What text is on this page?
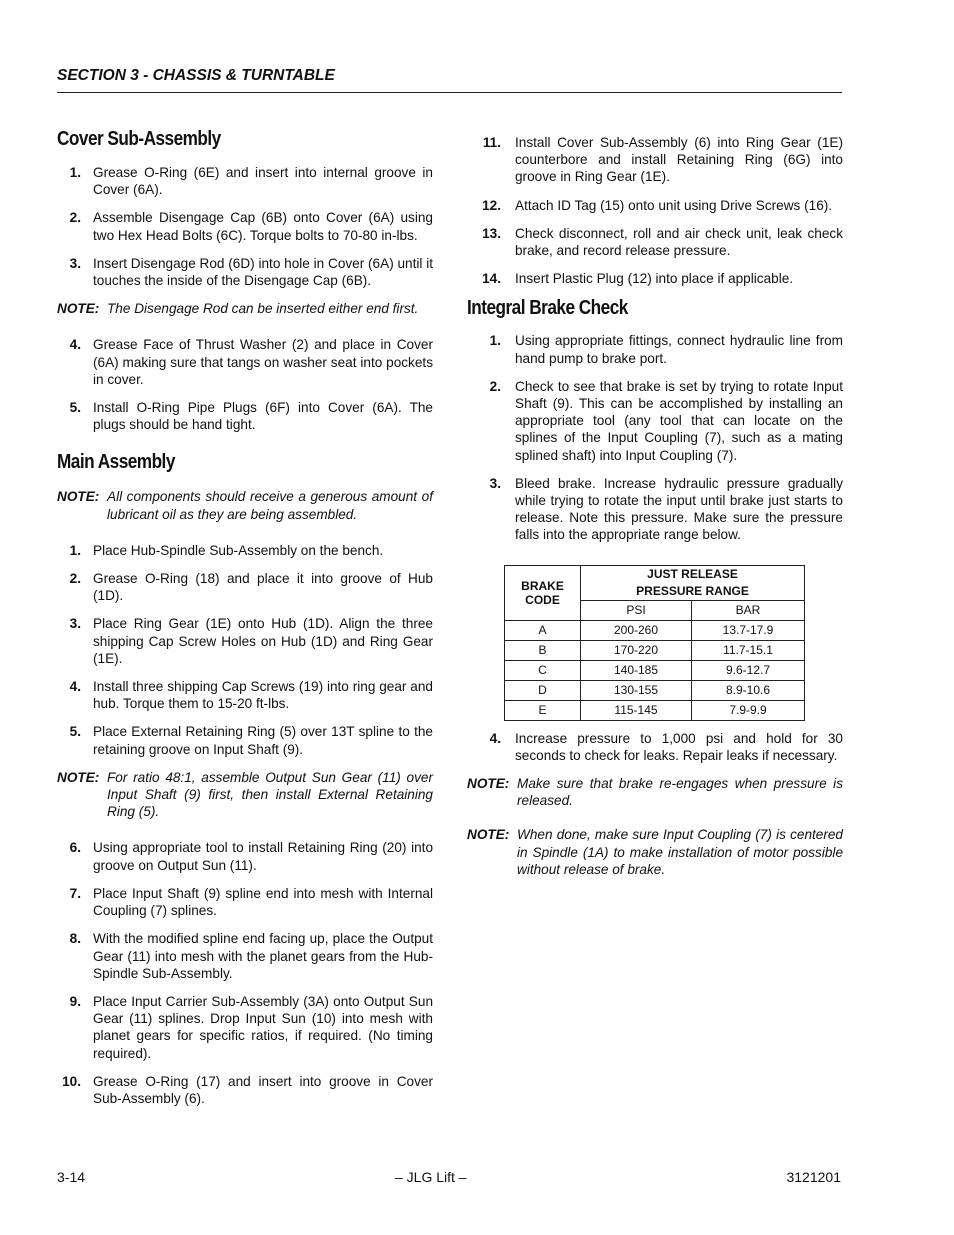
SECTION 3 - CHASSIS & TURNTABLE
Cover Sub-Assembly
1. Grease O-Ring (6E) and insert into internal groove in Cover (6A).
2. Assemble Disengage Cap (6B) onto Cover (6A) using two Hex Head Bolts (6C). Torque bolts to 70-80 in-lbs.
3. Insert Disengage Rod (6D) into hole in Cover (6A) until it touches the inside of the Disengage Cap (6B).
NOTE: The Disengage Rod can be inserted either end first.
4. Grease Face of Thrust Washer (2) and place in Cover (6A) making sure that tangs on washer seat into pockets in cover.
5. Install O-Ring Pipe Plugs (6F) into Cover (6A). The plugs should be hand tight.
Main Assembly
NOTE: All components should receive a generous amount of lubricant oil as they are being assembled.
1. Place Hub-Spindle Sub-Assembly on the bench.
2. Grease O-Ring (18) and place it into groove of Hub (1D).
3. Place Ring Gear (1E) onto Hub (1D). Align the three shipping Cap Screw Holes on Hub (1D) and Ring Gear (1E).
4. Install three shipping Cap Screws (19) into ring gear and hub. Torque them to 15-20 ft-lbs.
5. Place External Retaining Ring (5) over 13T spline to the retaining groove on Input Shaft (9).
NOTE: For ratio 48:1, assemble Output Sun Gear (11) over Input Shaft (9) first, then install External Retaining Ring (5).
6. Using appropriate tool to install Retaining Ring (20) into groove on Output Sun (11).
7. Place Input Shaft (9) spline end into mesh with Internal Coupling (7) splines.
8. With the modified spline end facing up, place the Output Gear (11) into mesh with the planet gears from the Hub-Spindle Sub-Assembly.
9. Place Input Carrier Sub-Assembly (3A) onto Output Sun Gear (11) splines. Drop Input Sun (10) into mesh with planet gears for specific ratios, if required. (No timing required).
10. Grease O-Ring (17) and insert into groove in Cover Sub-Assembly (6).
11.	Install Cover Sub-Assembly (6) into Ring Gear (1E) counterbore and install Retaining Ring (6G) into groove in Ring Gear (1E).
12.	Attach ID Tag (15) onto unit using Drive Screws (16).
13.	Check disconnect, roll and air check unit, leak check brake, and record release pressure.
14.	Insert Plastic Plug (12) into place if applicable.
Integral Brake Check
1.	Using appropriate fittings, connect hydraulic line from hand pump to brake port.
2.	Check to see that brake is set by trying to rotate Input Shaft (9). This can be accomplished by installing an appropriate tool (any tool that can locate on the splines of the Input Coupling (7), such as a mating splined shaft) into Input Coupling (7).
3.	Bleed brake. Increase hydraulic pressure gradually while trying to rotate the input until brake just starts to release. Note this pressure. Make sure the pressure falls into the appropriate range below.
BRAKE
CODE	JUST RELEASE
PRESSURE RANGE	
	PSI	BAR
A	200-260	13.7-17.9
B	170-220	11.7-15.1
C	140-185	9.6-12.7
D	130-155	8.9-10.6
E	115-145	7.9-9.9
4.	Increase pressure to 1,000 psi and hold for 30 seconds to check for leaks. Repair leaks if necessary.
NOTE: Make sure that brake re-engages when pressure is released.
NOTE: When done, make sure Input Coupling (7) is centered in Spindle (1A) to make installation of motor possible without release of brake.
3-14	– JLG Lift –	3121201
